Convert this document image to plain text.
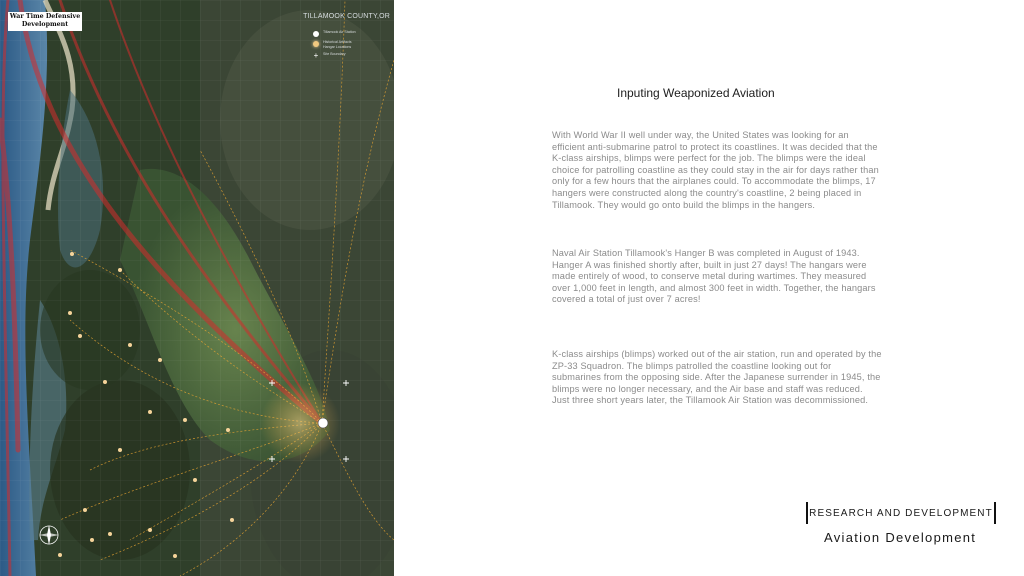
War Time Defensive
Development
TILLAMOOK COUNTY,OR
Tillamook Air Station
Historical Artifacts
Hangar Locations
+ Site Boundary
Inputing Weaponized Aviation

With World War II well under way, the United States was looking for an efficient anti-submarine patrol to protect its coastlines. It was decided that the K-class airships, blimps were perfect for the job. The blimps were the ideal choice for patrolling coastline as they could stay in the air for days rather than only for a few hours that the airplanes could. To accommodate the blimps, 17 hangers were constructed along the country's coastline, 2 being placed in Tillamook. They would go onto build the blimps in the hangers.

Naval Air Station Tillamook's Hanger B was completed in August of 1943. Hanger A was finished shortly after, built in just 27 days! The hangars were made entirely of wood, to conserve metal during wartimes. They measured over 1,000 feet in length, and almost 300 feet in width. Together, the hangars covered a total of just over 7 acres!

K-class airships (blimps) worked out of the air station, run and operated by the ZP-33 Squadron. The blimps patrolled the coastline looking out for submarines from the opposing side. After the Japanese surrender in 1945, the blimps were no longer necessary, and the Air base and staff was reduced. Just three short years later, the Tillamook Air Station was decommissioned.

RESEARCH AND DEVELOPMENT
Aviation Development
